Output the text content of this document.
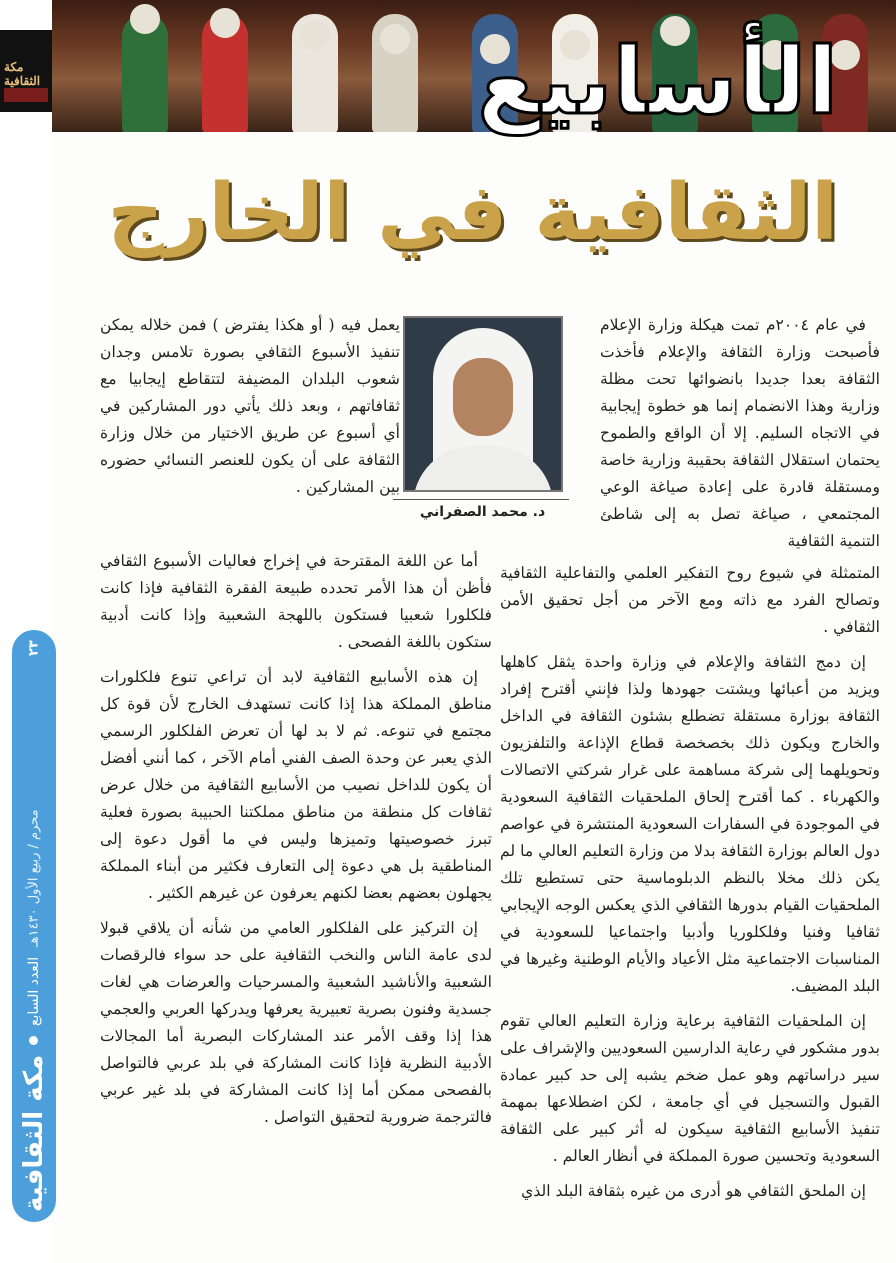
مكة الثقافية
مكة الثقافية
العدد السابع
محرم / ربيع الأول ١٤٣٠هـ
٢٣
الأسابيع
الثقافية في الخارج

في عام ٢٠٠٤م تمت هيكلة وزارة الإعلام فأصبحت وزارة الثقافة والإعلام فأخذت الثقافة بعدا جديدا بانضوائها تحت مظلة وزارية وهذا الانضمام إنما هو خطوة إيجابية في الاتجاه السليم. إلا أن الواقع والطموح يحتمان استقلال الثقافة بحقيبة وزارية خاصة ومستقلة قادرة على إعادة صياغة الوعي المجتمعي ، صياغة تصل به إلى شاطئ التنمية الثقافية

المتمثلة في شيوع روح التفكير العلمي والتفاعلية الثقافية وتصالح الفرد مع ذاته ومع الآخر من أجل تحقيق الأمن الثقافي .

إن دمج الثقافة والإعلام في وزارة واحدة يثقل كاهلها ويزيد من أعبائها ويشتت جهودها ولذا فإنني أقترح إفراد الثقافة بوزارة مستقلة تضطلع بشئون الثقافة في الداخل والخارج ويكون ذلك بخصخصة قطاع الإذاعة والتلفزيون وتحويلهما إلى شركة مساهمة على غرار شركتي الاتصالات والكهرباء . كما أقترح إلحاق الملحقيات الثقافية السعودية في الموجودة في السفارات السعودية المنتشرة في عواصم دول العالم بوزارة الثقافة بدلا من وزارة التعليم العالي ما لم يكن ذلك مخلا بالنظم الدبلوماسية حتى تستطيع تلك الملحقيات القيام بدورها الثقافي الذي يعكس الوجه الإيجابي ثقافيا وفنيا وفلكلوريا وأدبيا واجتماعيا للسعودية في المناسبات الاجتماعية مثل الأعياد والأيام الوطنية وغيرها في البلد المضيف.

إن الملحقيات الثقافية برعاية وزارة التعليم العالي تقوم بدور مشكور في رعاية الدارسين السعوديين والإشراف على سير دراساتهم وهو عمل ضخم يشبه إلى حد كبير عمادة القبول والتسجيل في أي جامعة ، لكن اضطلاعها بمهمة تنفيذ الأسابيع الثقافية سيكون له أثر كبير على الثقافة السعودية وتحسين صورة المملكة في أنظار العالم .

إن الملحق الثقافي هو أدرى من غيره بثقافة البلد الذي

د. محمد الصفراني

يعمل فيه ( أو هكذا يفترض ) فمن خلاله يمكن تنفيذ الأسبوع الثقافي بصورة تلامس وجدان شعوب البلدان المضيفة لتتقاطع إيجابيا مع ثقافاتهم ، وبعد ذلك يأتي دور المشاركين في أي أسبوع عن طريق الاختيار من خلال وزارة الثقافة على أن يكون للعنصر النسائي حضوره بين المشاركين .

أما عن اللغة المقترحة في إخراج فعاليات الأسبوع الثقافي فأظن أن هذا الأمر تحدده طبيعة الفقرة الثقافية فإذا كانت فلكلورا شعبيا فستكون باللهجة الشعبية وإذا كانت أدبية ستكون باللغة الفصحى .

إن هذه الأسابيع الثقافية لابد أن تراعي تنوع فلكلورات مناطق المملكة هذا إذا كانت تستهدف الخارج لأن قوة كل مجتمع في تنوعه. ثم لا بد لها أن تعرض الفلكلور الرسمي الذي يعبر عن وحدة الصف الفني أمام الآخر ، كما أنني أفضل أن يكون للداخل نصيب من الأسابيع الثقافية من خلال عرض ثقافات كل منطقة من مناطق مملكتنا الحبيبة بصورة فعلية تبرز خصوصيتها وتميزها وليس في ما أقول دعوة إلى المناطقية بل هي دعوة إلى التعارف فكثير من أبناء المملكة يجهلون بعضهم بعضا لكنهم يعرفون عن غيرهم الكثير .

إن التركيز على الفلكلور العامي من شأنه أن يلاقي قبولا لدى عامة الناس والنخب الثقافية على حد سواء فالرقصات الشعبية والأناشيد الشعبية والمسرحيات والعرضات هي لغات جسدية وفنون بصرية تعبيرية يعرفها ويدركها العربي والعجمي هذا إذا وقف الأمر عند المشاركات البصرية أما المجالات الأدبية النظرية فإذا كانت المشاركة في بلد عربي فالتواصل بالفصحى ممكن أما إذا كانت المشاركة في بلد غير عربي فالترجمة ضرورية لتحقيق التواصل .
